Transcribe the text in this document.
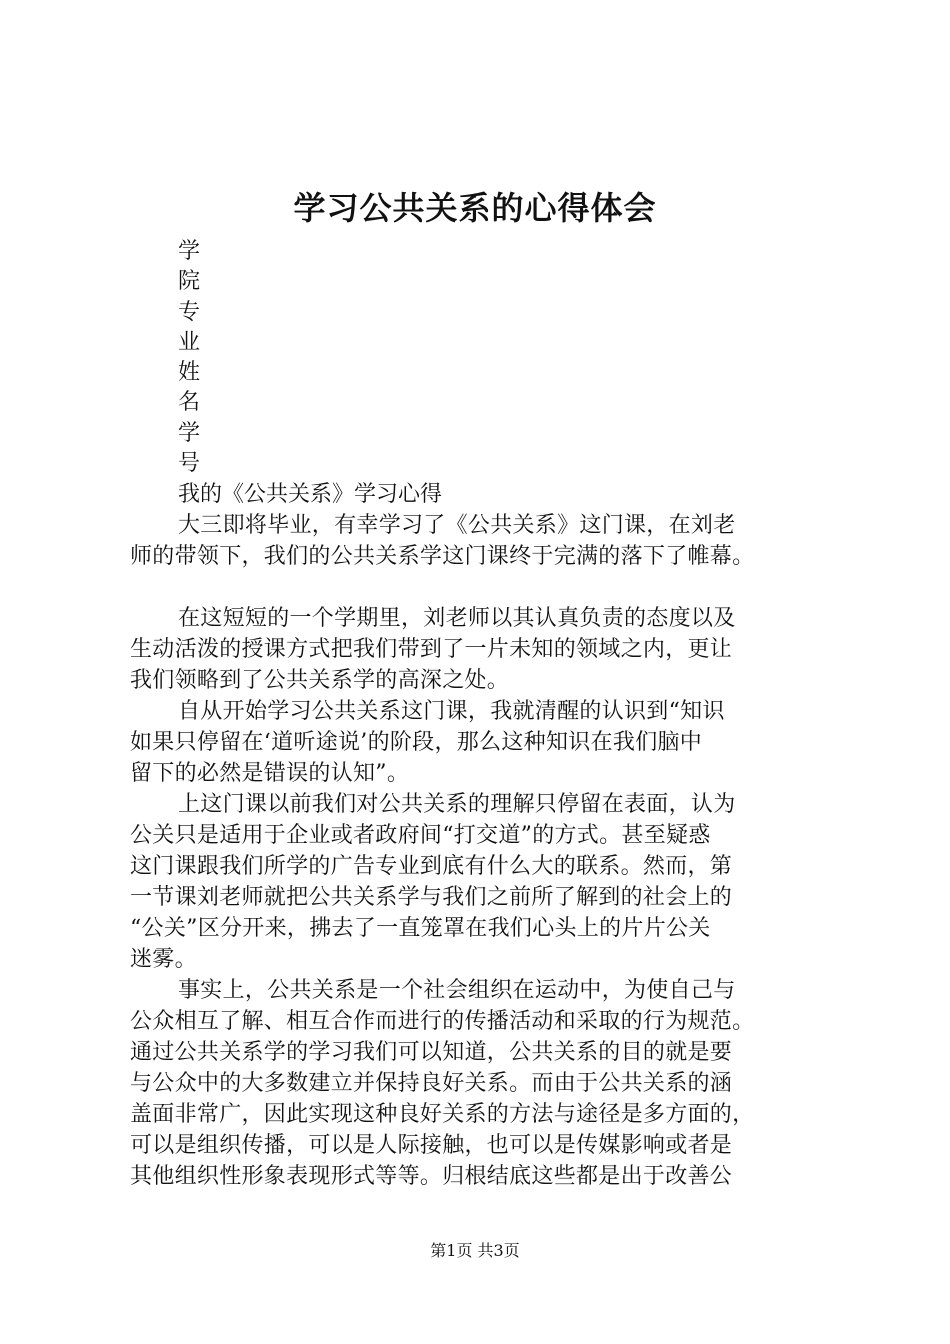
学习公共关系的心得体会
学
院
专
业
姓
名
学
号
我的《公共关系》学习心得
大三即将毕业，有幸学习了《公共关系》这门课，在刘老
师的带领下，我们的公共关系学这门课终于完满的落下了帷幕。
在这短短的一个学期里，刘老师以其认真负责的态度以及
生动活泼的授课方式把我们带到了一片未知的领域之内，更让
我们领略到了公共关系学的高深之处。
自从开始学习公共关系这门课，我就清醒的认识到“知识
如果只停留在‘道听途说’的阶段，那么这种知识在我们脑中
留下的必然是错误的认知”。
上这门课以前我们对公共关系的理解只停留在表面，认为
公关只是适用于企业或者政府间“打交道”的方式。甚至疑惑
这门课跟我们所学的广告专业到底有什么大的联系。然而，第
一节课刘老师就把公共关系学与我们之前所了解到的社会上的
“公关”区分开来，拂去了一直笼罩在我们心头上的片片公关
迷雾。
事实上，公共关系是一个社会组织在运动中，为使自己与
公众相互了解、相互合作而进行的传播活动和采取的行为规范。
通过公共关系学的学习我们可以知道，公共关系的目的就是要
与公众中的大多数建立并保持良好关系。而由于公共关系的涵
盖面非常广，因此实现这种良好关系的方法与途径是多方面的，
可以是组织传播，可以是人际接触，也可以是传媒影响或者是
其他组织性形象表现形式等等。归根结底这些都是出于改善公
第1页 共3页
